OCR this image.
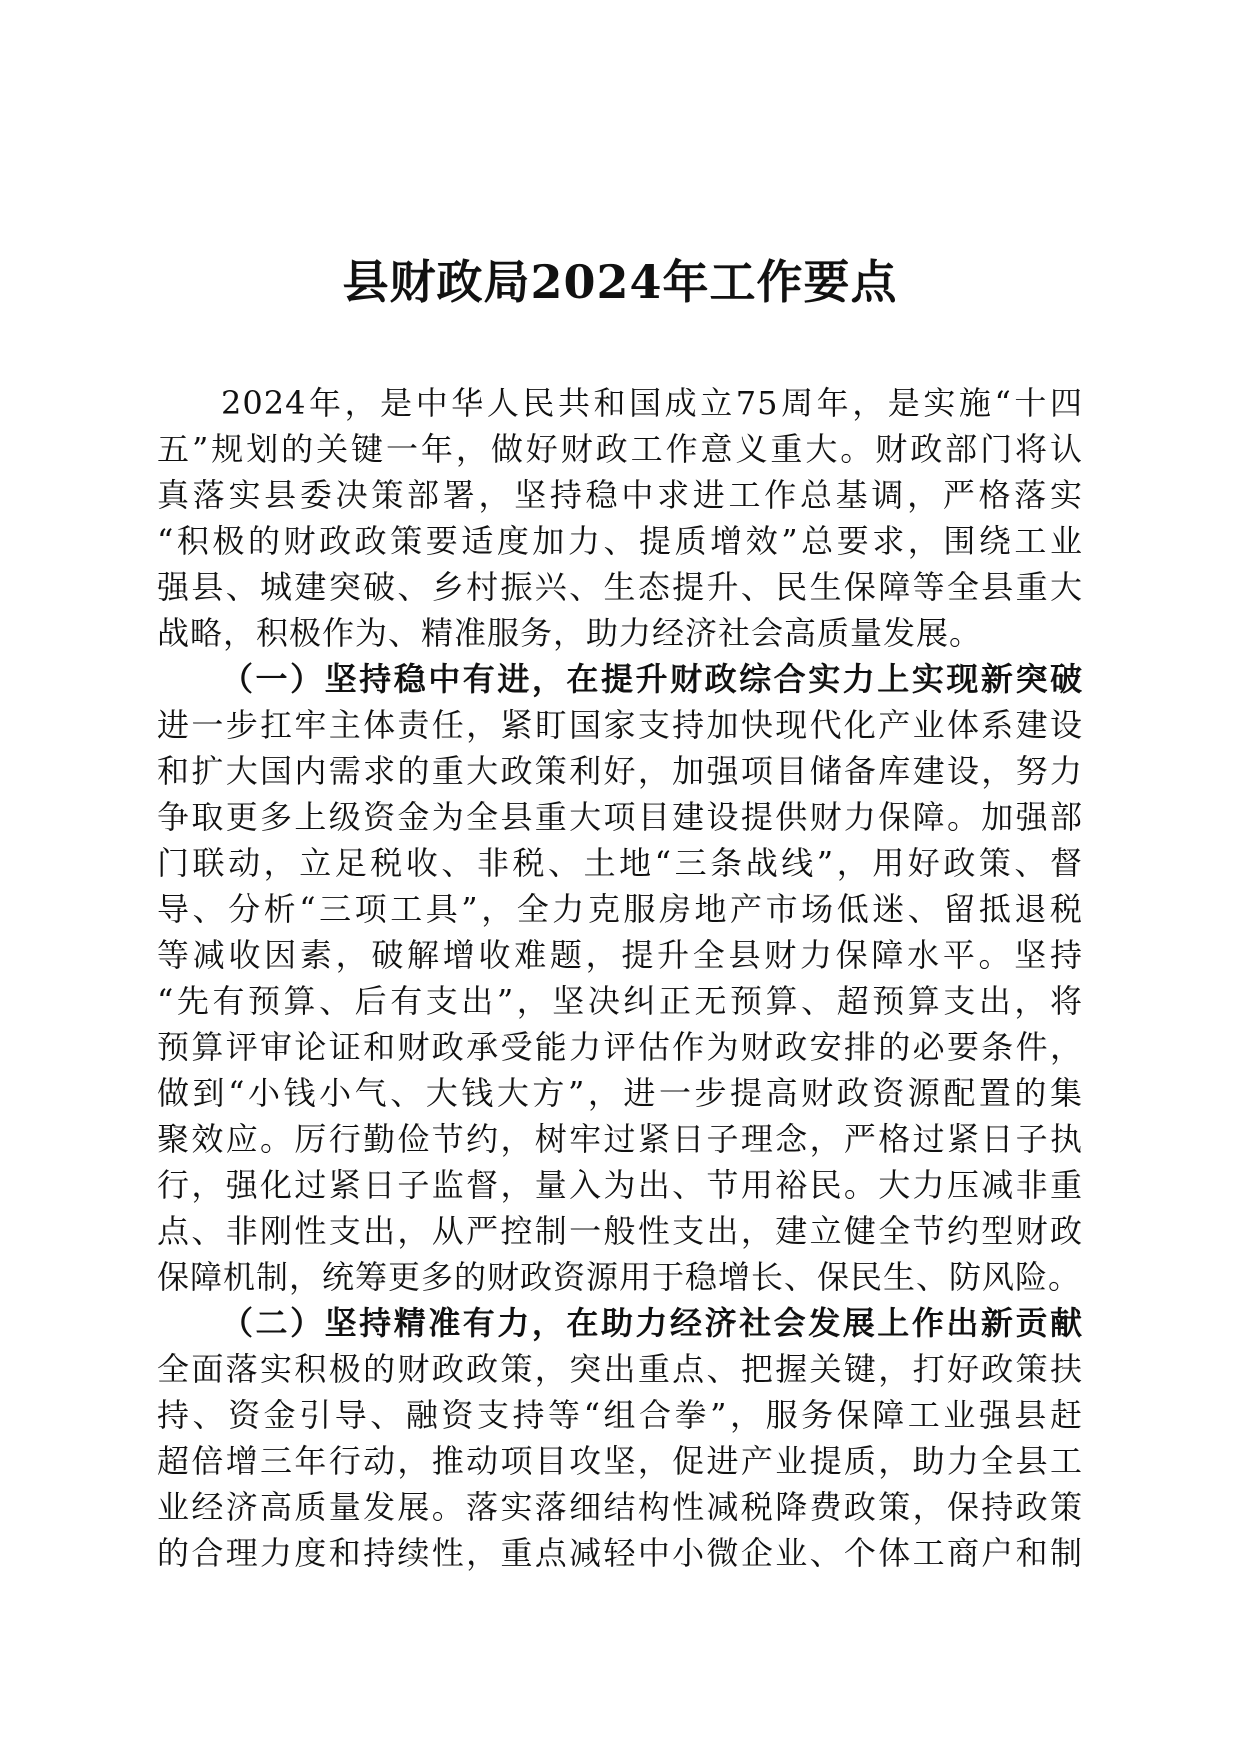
县财政局2024年工作要点
2024年，是中华人民共和国成立75周年，是实施“十四
五”规划的关键一年，做好财政工作意义重大。财政部门将认
真落实县委决策部署，坚持稳中求进工作总基调，严格落实
“积极的财政政策要适度加力、提质增效”总要求，围绕工业
强县、城建突破、乡村振兴、生态提升、民生保障等全县重大
战略，积极作为、精准服务，助力经济社会高质量发展。
（一）坚持稳中有进，在提升财政综合实力上实现新突破
进一步扛牢主体责任，紧盯国家支持加快现代化产业体系建设
和扩大国内需求的重大政策利好，加强项目储备库建设，努力
争取更多上级资金为全县重大项目建设提供财力保障。加强部
门联动，立足税收、非税、土地“三条战线”，用好政策、督
导、分析“三项工具”，全力克服房地产市场低迷、留抵退税
等减收因素，破解增收难题，提升全县财力保障水平。坚持
“先有预算、后有支出”，坚决纠正无预算、超预算支出，将
预算评审论证和财政承受能力评估作为财政安排的必要条件，
做到“小钱小气、大钱大方”，进一步提高财政资源配置的集
聚效应。厉行勤俭节约，树牢过紧日子理念，严格过紧日子执
行，强化过紧日子监督，量入为出、节用裕民。大力压减非重
点、非刚性支出，从严控制一般性支出，建立健全节约型财政
保障机制，统筹更多的财政资源用于稳增长、保民生、防风险。
（二）坚持精准有力，在助力经济社会发展上作出新贡献
全面落实积极的财政政策，突出重点、把握关键，打好政策扶
持、资金引导、融资支持等“组合拳”，服务保障工业强县赶
超倍增三年行动，推动项目攻坚，促进产业提质，助力全县工
业经济高质量发展。落实落细结构性减税降费政策，保持政策
的合理力度和持续性，重点减轻中小微企业、个体工商户和制
